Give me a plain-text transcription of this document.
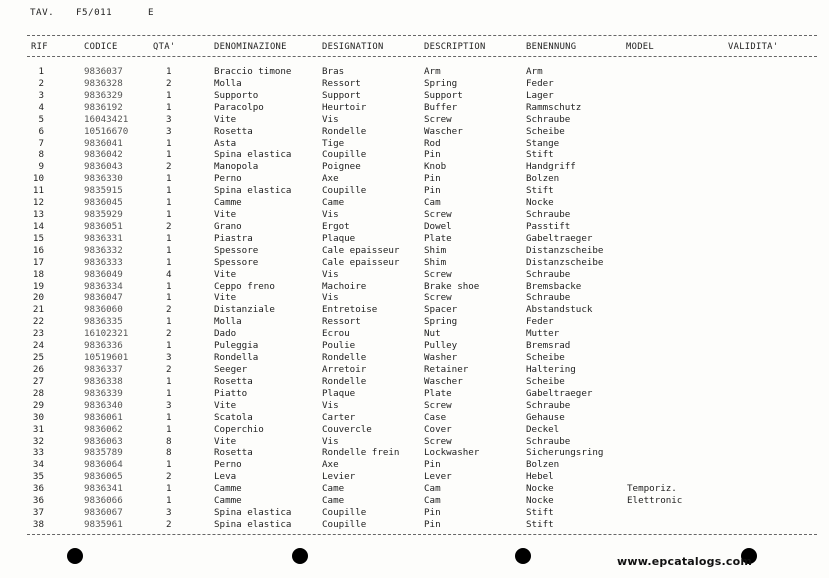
TAV. F5/011	E
RIF	CODICE	QTA'	DENOMINAZIONE	DESIGNATION	DESCRIPTION	BENENNUNG	MODEL	VALIDITA'
1	9836037	1	Braccio timone	Bras	Arm	Arm
2	9836328	2	Molla	Ressort	Spring	Feder
3	9836329	1	Supporto	Support	Support	Lager
4	9836192	1	Paracolpo	Heurtoir	Buffer	Rammschutz
5	16043421	3	Vite	Vis	Screw	Schraube
6	10516670	3	Rosetta	Rondelle	Wascher	Scheibe
7	9836041	1	Asta	Tige	Rod	Stange
8	9836042	1	Spina elastica	Coupille	Pin	Stift
9	9836043	2	Manopola	Poignee	Knob	Handgriff
10	9836330	1	Perno	Axe	Pin	Bolzen
11	9835915	1	Spina elastica	Coupille	Pin	Stift
12	9836045	1	Camme	Came	Cam	Nocke
13	9835929	1	Vite	Vis	Screw	Schraube
14	9836051	2	Grano	Ergot	Dowel	Passtift
15	9836331	1	Piastra	Plaque	Plate	Gabeltraeger
16	9836332	1	Spessore	Cale epaisseur	Shim	Distanzscheibe
17	9836333	1	Spessore	Cale epaisseur	Shim	Distanzscheibe
18	9836049	4	Vite	Vis	Screw	Schraube
19	9836334	1	Ceppo freno	Machoire	Brake shoe	Bremsbacke
20	9836047	1	Vite	Vis	Screw	Schraube
21	9836060	2	Distanziale	Entretoise	Spacer	Abstandstuck
22	9836335	1	Molla	Ressort	Spring	Feder
23	16102321	2	Dado	Ecrou	Nut	Mutter
24	9836336	1	Puleggia	Poulie	Pulley	Bremsrad
25	10519601	3	Rondella	Rondelle	Washer	Scheibe
26	9836337	2	Seeger	Arretoir	Retainer	Haltering
27	9836338	1	Rosetta	Rondelle	Wascher	Scheibe
28	9836339	1	Piatto	Plaque	Plate	Gabeltraeger
29	9836340	3	Vite	Vis	Screw	Schraube
30	9836061	1	Scatola	Carter	Case	Gehause
31	9836062	1	Coperchio	Couvercle	Cover	Deckel
32	9836063	8	Vite	Vis	Screw	Schraube
33	9835789	8	Rosetta	Rondelle frein	Lockwasher	Sicherungsring
34	9836064	1	Perno	Axe	Pin	Bolzen
35	9836065	2	Leva	Levier	Lever	Hebel
36	9836341	1	Camme	Came	Cam	Nocke	Temporiz.
36	9836066	1	Camme	Came	Cam	Nocke	Elettronic
37	9836067	3	Spina elastica	Coupille	Pin	Stift
38	9835961	2	Spina elastica	Coupille	Pin	Stift
www.epcatalogs.com
